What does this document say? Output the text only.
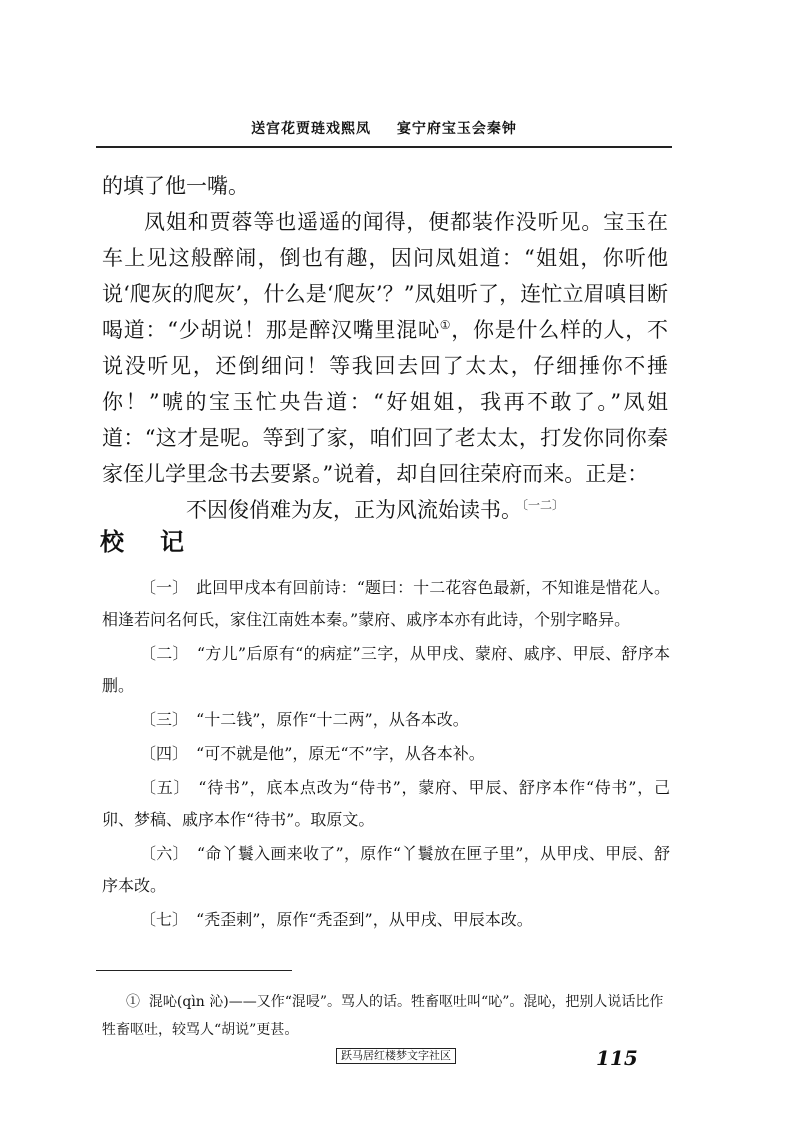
送宫花贾琏戏熙凤 宴宁府宝玉会秦钟

的填了他一嘴。

凤姐和贾蓉等也遥遥的闻得，便都装作没听见。宝玉在车上见这般醉闹，倒也有趣，因问凤姐道：“姐姐，你听他说‘爬灰的爬灰’，什么是‘爬灰’？”凤姐听了，连忙立眉嗔目断喝道：“少胡说！那是醉汉嘴里混吣①，你是什么样的人，不说没听见，还倒细问！等我回去回了太太，仔细捶你不捶你！”唬的宝玉忙央告道：“好姐姐，我再不敢了。”凤姐道：“这才是呢。等到了家，咱们回了老太太，打发你同你秦家侄儿学里念书去要紧。”说着，却自回往荣府而来。正是：

不因俊俏难为友，正为风流始读书。$^{〔一二〕}$

校记

〔一〕 此回甲戌本有回前诗：“题曰：十二花容色最新，不知谁是惜花人。相逢若问名何氏，家住江南姓本秦。”蒙府、戚序本亦有此诗，个别字略异。

〔二〕 “方儿”后原有“的病症”三字，从甲戌、蒙府、戚序、甲辰、舒序本删。

〔三〕 “十二钱”，原作“十二两”，从各本改。

〔四〕 “可不就是他”，原无“不”字，从各本补。

〔五〕 “待书”，底本点改为“侍书”，蒙府、甲辰、舒序本作“侍书”，己卯、梦稿、戚序本作“待书”。取原文。

〔六〕 “命丫鬟入画来收了”，原作“丫鬟放在匣子里”，从甲戌、甲辰、舒序本改。

〔七〕 “秃歪剌”，原作“秃歪到”，从甲戌、甲辰本改。

① 混吣(qìn 沁)——又作“混唚”。骂人的话。牲畜呕吐叫“吣”。混吣，把别人说话比作牲畜呕吐，较骂人“胡说”更甚。

跃马居红楼梦文字社区	115
